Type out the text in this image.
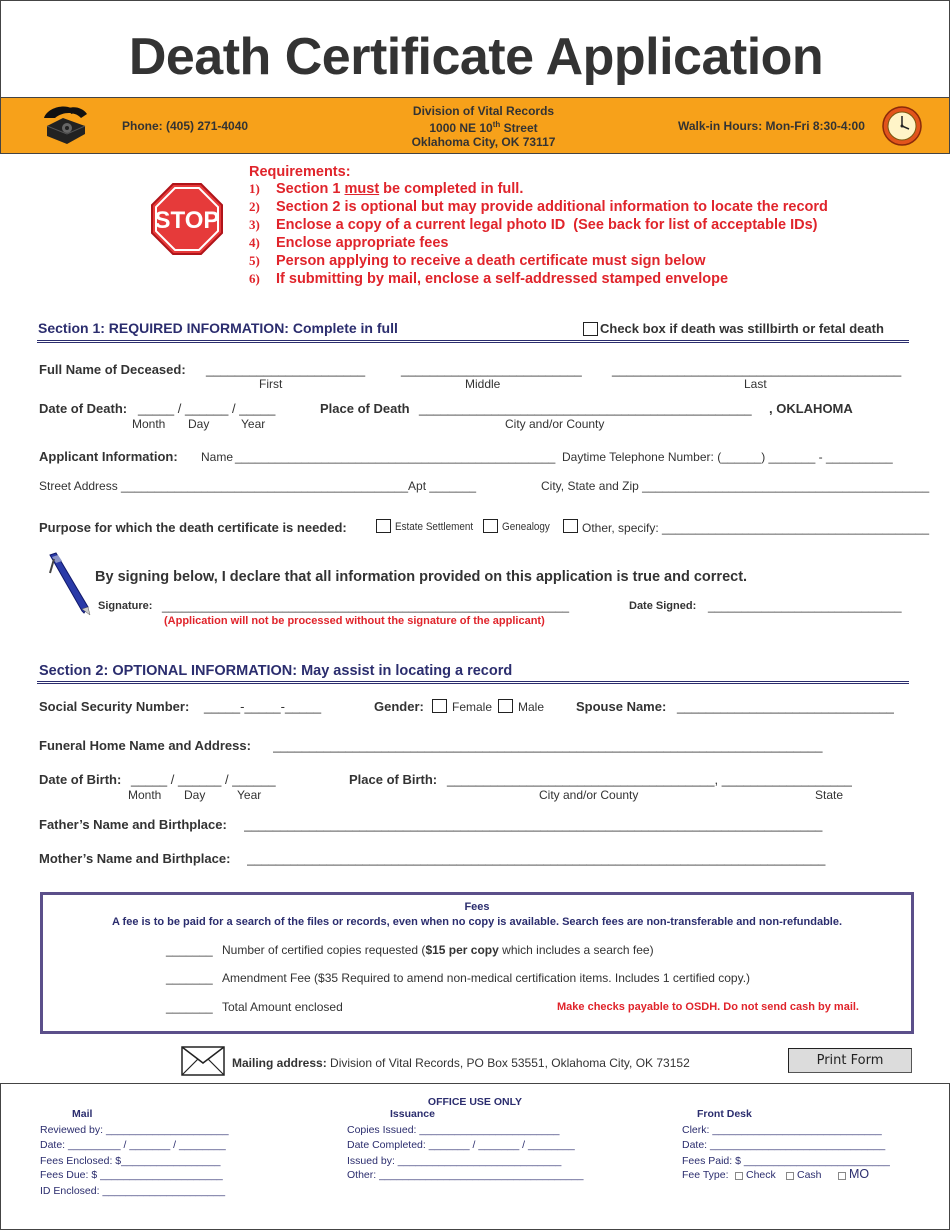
Death Certificate Application
Phone: (405) 271-4040
Division of Vital Records
1000 NE 10th Street
Oklahoma City, OK 73117
Walk-in Hours: Mon-Fri 8:30-4:00
STOP
Requirements:
1) Section 1 must be completed in full.
2) Section 2 is optional but may provide additional information to locate the record
3) Enclose a copy of a current legal photo ID  (See back for list of acceptable IDs)
4) Enclose appropriate fees
5) Person applying to receive a death certificate must sign below
6) If submitting by mail, enclose a self-addressed stamped envelope
Section 1: REQUIRED INFORMATION: Complete in full	Check box if death was stillbirth or fetal death
Full Name of Deceased: ______________________	_________________________ ________________________________________
First	Middle	Last
Date of Death: _____ / ______ / _____
Month Day	Year
Place of Death ______________________________________________ , OKLAHOMA
City and/or County
Applicant Information: Name ________________________________________________ Daytime Telephone Number: (______) _______ - __________
Street Address ___________________________________________Apt _______	City, State and Zip ___________________________________________
Purpose for which the death certificate is needed:	Estate Settlement	Genealogy	Other, specify: ________________________________________
By signing below, I declare that all information provided on this application is true and correct.
Signature: _____________________________________________________________
(Application will not be processed without the signature of the applicant)
Date Signed: _____________________________
Section 2: OPTIONAL INFORMATION: May assist in locating a record
Social Security Number: _____-_____-_____	Gender: Female Male Spouse Name: ______________________________
Funeral Home Name and Address: ____________________________________________________________________________
Date of Birth: _____ / ______ / ______
Month Day	Year
Place of Birth: _____________________________________, __________________
City and/or County	State
Father’s Name and Birthplace: ________________________________________________________________________________
Mother’s Name and Birthplace: ________________________________________________________________________________
Fees
A fee is to be paid for a search of the files or records, even when no copy is available. Search fees are non-transferable and non-refundable.
_______ Number of certified copies requested ($15 per copy which includes a search fee)
_______ Amendment Fee ($35 Required to amend non-medical certification items. Includes 1 certified copy.)
_______ Total Amount enclosed	Make checks payable to OSDH. Do not send cash by mail.
Mailing address: Division of Vital Records, PO Box 53551, Oklahoma City, OK 73152	Print Form
OFFICE USE ONLY
Mail
Reviewed by: _____________________
Date: _________ / _______ / ________
Fees Enclosed: $_________________
Fees Due: $ _____________________
ID Enclosed: _____________________
Issuance
Copies Issued: ________________________
Date Completed: _______ / _______ / ________
Issued by: ____________________________
Other: ___________________________________
Front Desk
Clerk: _____________________________
Date: ______________________________
Fees Paid: $ _________________________
Fee Type: Check Cash MO
